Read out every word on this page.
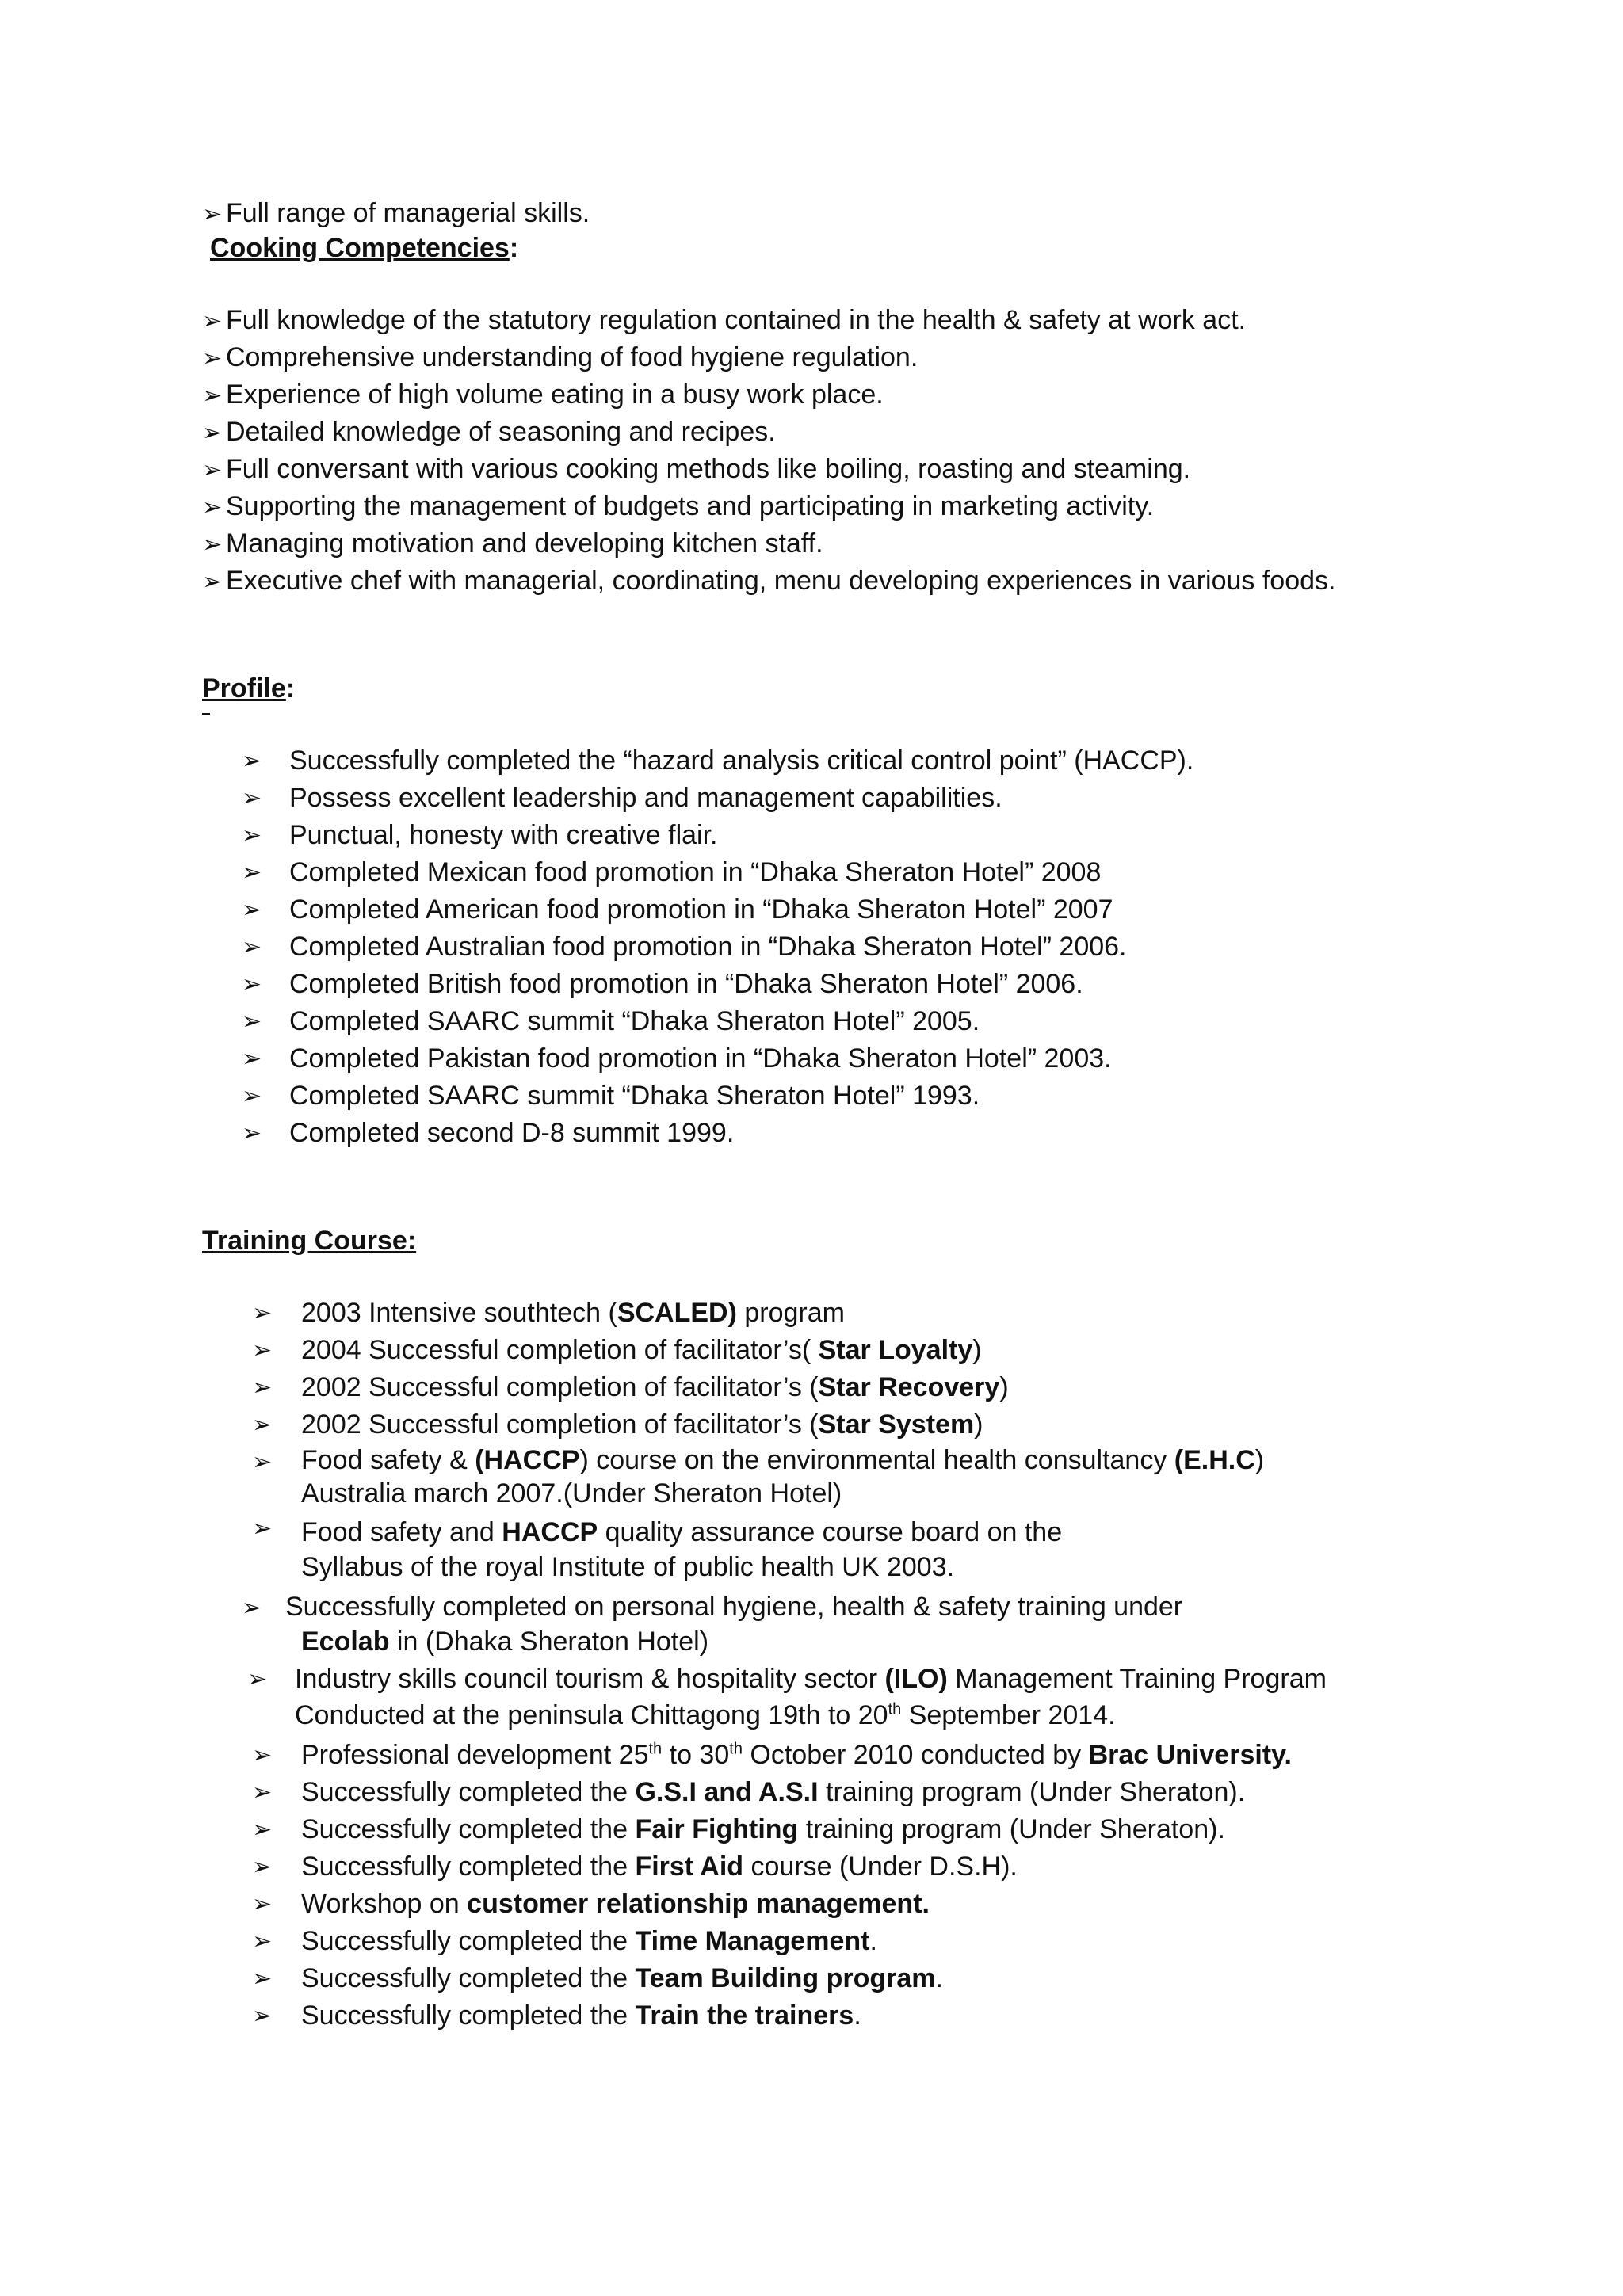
➢ Full range of managerial skills.
Cooking Competencies:
➢ Full knowledge of the statutory regulation contained in the health & safety at work act.
➢ Comprehensive understanding of food hygiene regulation.
➢ Experience of high volume eating in a busy work place.
➢ Detailed knowledge of seasoning and recipes.
➢ Full conversant with various cooking methods like boiling, roasting and steaming.
➢ Supporting the management of budgets and participating in marketing activity.
➢ Managing motivation and developing kitchen staff.
➢ Executive chef with managerial, coordinating, menu developing experiences in various foods.
Profile:
➢ Successfully completed the “hazard analysis critical control point” (HACCP).
➢ Possess excellent leadership and management capabilities.
➢ Punctual, honesty with creative flair.
➢ Completed Mexican food promotion in “Dhaka Sheraton Hotel” 2008
➢ Completed American food promotion in “Dhaka Sheraton Hotel” 2007
➢ Completed Australian food promotion in “Dhaka Sheraton Hotel” 2006.
➢ Completed British food promotion in “Dhaka Sheraton Hotel” 2006.
➢ Completed SAARC summit “Dhaka Sheraton Hotel” 2005.
➢ Completed Pakistan food promotion in “Dhaka Sheraton Hotel” 2003.
➢ Completed SAARC summit “Dhaka Sheraton Hotel” 1993.
➢ Completed second D-8 summit 1999.
Training Course:
➢ 2003 Intensive southtech (SCALED) program
➢ 2004 Successful completion of facilitator’s( Star Loyalty)
➢ 2002 Successful completion of facilitator’s (Star Recovery)
➢ 2002 Successful completion of facilitator’s (Star System)
➢ Food safety & (HACCP) course on the environmental health consultancy (E.H.C)
Australia march 2007.(Under Sheraton Hotel)
➢ Food safety and HACCP quality assurance course board on the
Syllabus of the royal Institute of public health UK 2003.
➢ Successfully completed on personal hygiene, health & safety training under
Ecolab in (Dhaka Sheraton Hotel)
➢ Industry skills council tourism & hospitality sector (ILO) Management Training Program
Conducted at the peninsula Chittagong 19th to 20th September 2014.
➢ Professional development 25th to 30th October 2010 conducted by Brac University.
➢ Successfully completed the G.S.I and A.S.I training program (Under Sheraton).
➢ Successfully completed the Fair Fighting training program (Under Sheraton).
➢ Successfully completed the First Aid course (Under D.S.H).
➢ Workshop on customer relationship management.
➢ Successfully completed the Time Management.
➢ Successfully completed the Team Building program.
➢ Successfully completed the Train the trainers.
